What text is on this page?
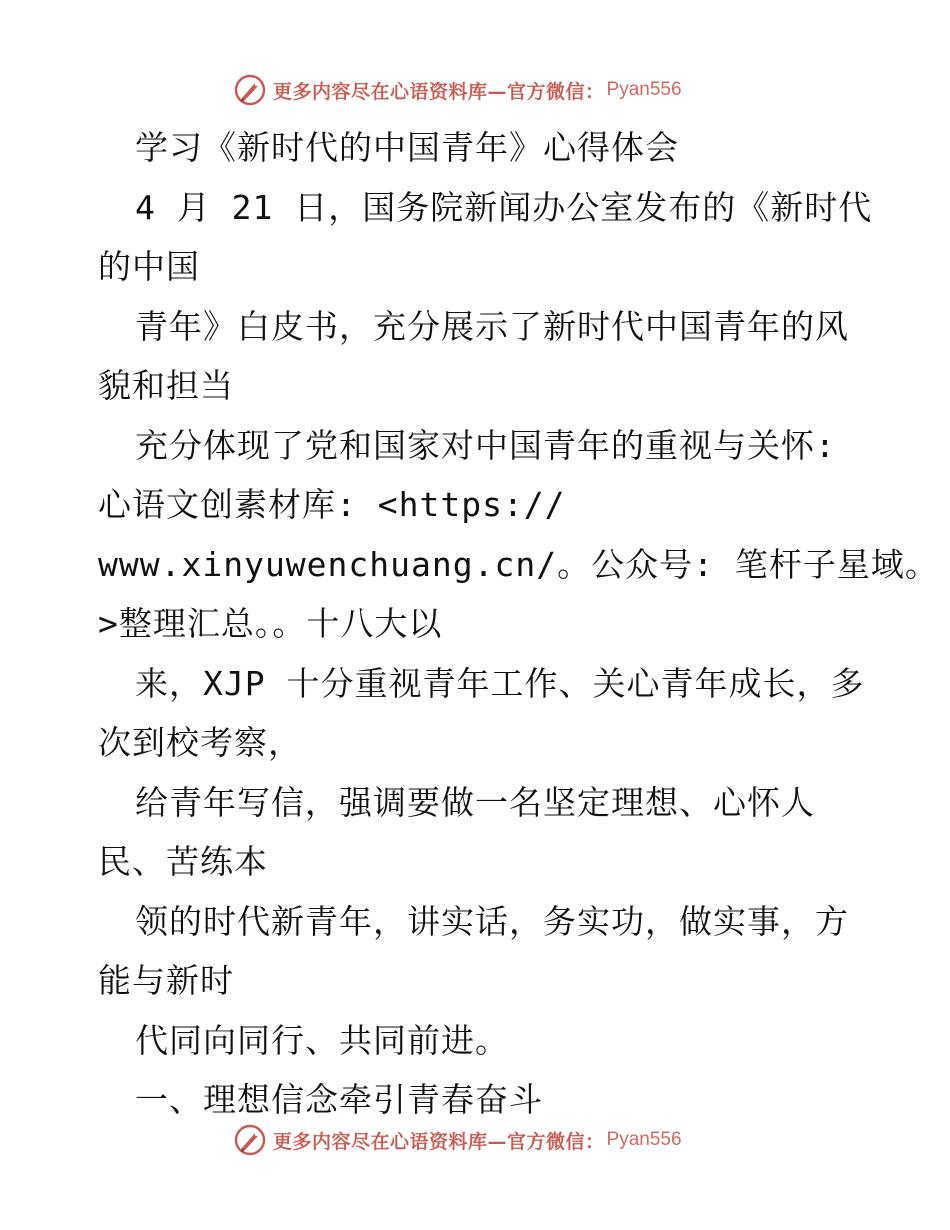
更多内容尽在心语资料库—官方微信： Pyan556
学习《新时代的中国青年》心得体会
4 月 21 日，国务院新闻办公室发布的《新时代
的中国
青年》白皮书，充分展示了新时代中国青年的风
貌和担当
充分体现了党和国家对中国青年的重视与关怀:
心语文创素材库: <https://
www.xinyuwenchuang.cn/。公众号: 笔杆子星域。
>整理汇总。。十八大以
来，XJP 十分重视青年工作、关心青年成长，多
次到校考察，
给青年写信，强调要做一名坚定理想、心怀人
民、苦练本
领的时代新青年，讲实话，务实功，做实事，方
能与新时
代同向同行、共同前进。
一、理想信念牵引青春奋斗
更多内容尽在心语资料库—官方微信： Pyan556
